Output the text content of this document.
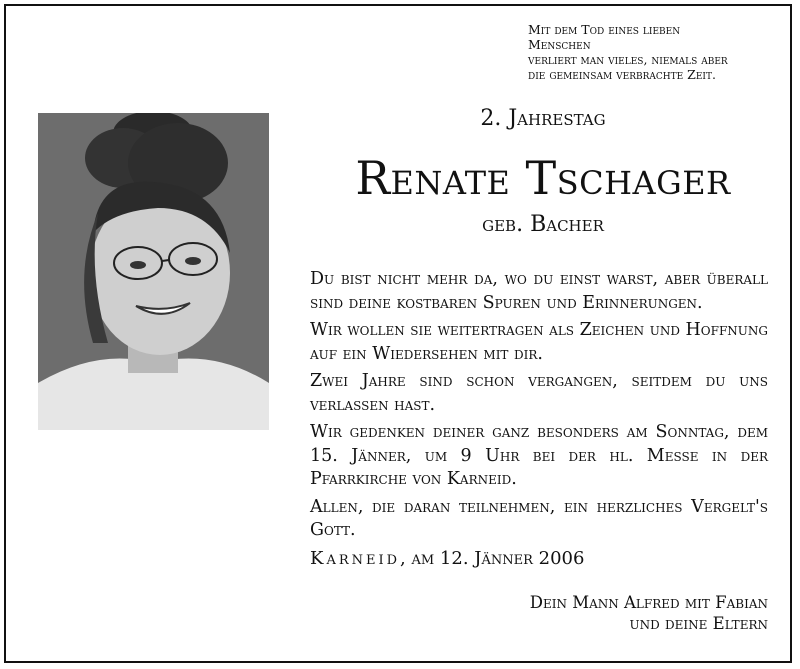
Mit dem Tod eines lieben
Menschen
verliert man vieles, niemals aber
die gemeinsam verbrachte Zeit.
2. Jahrestag
Renate Tschager
geb. Bacher

Du bist nicht mehr da, wo du einst warst, aber überall sind deine kostbaren Spuren und Erinnerungen.

Wir wollen sie weitertragen als Zeichen und Hoffnung auf ein Wiedersehen mit dir.

Zwei Jahre sind schon vergangen, seitdem du uns verlassen hast.

Wir gedenken deiner ganz besonders am Sonntag, dem 15. Jänner, um 9 Uhr bei der hl. Messe in der Pfarrkirche von Karneid.

Allen, die daran teilnehmen, ein herzliches Vergelt's Gott.

Karneid, am 12. Jänner 2006
Dein Mann Alfred mit Fabian
und deine Eltern
